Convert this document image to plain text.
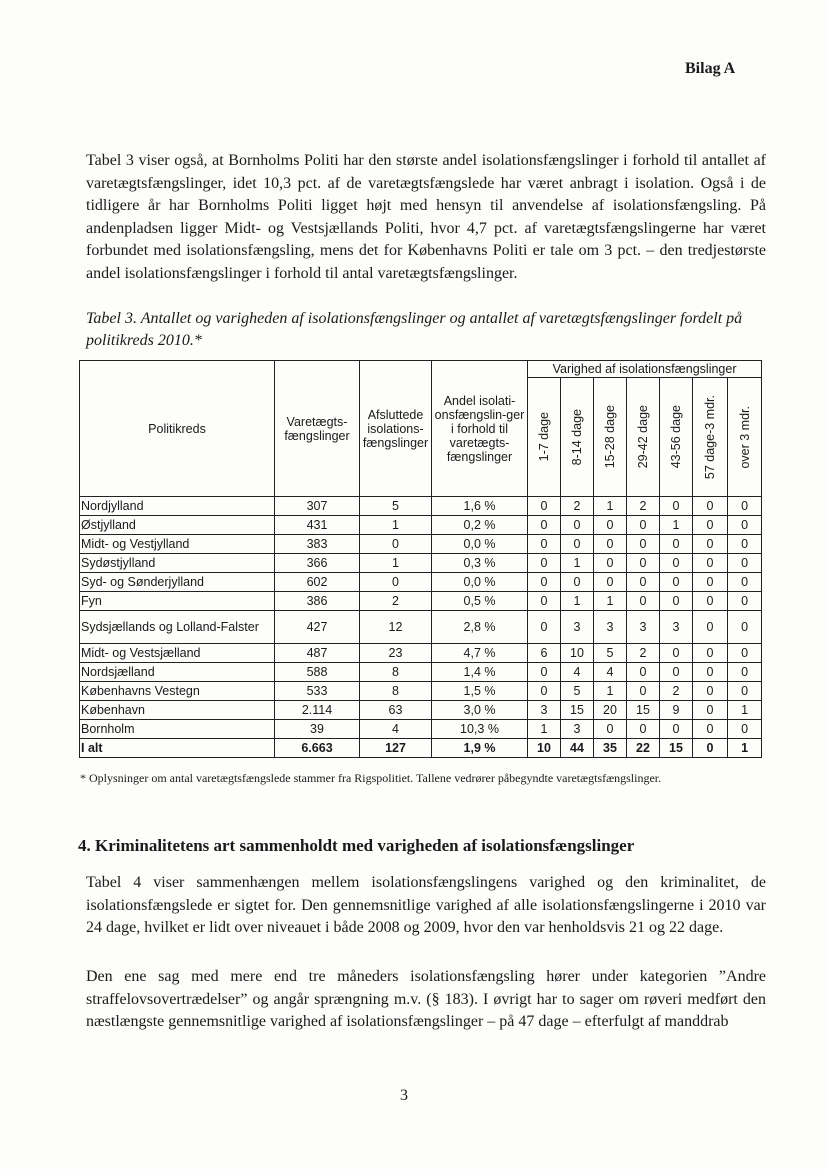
Bilag A

Tabel 3 viser også, at Bornholms Politi har den største andel isolationsfængslinger i forhold til antallet af varetægtsfængslinger, idet 10,3 pct. af de varetægtsfængslede har været anbragt i isolation. Også i de tidligere år har Bornholms Politi ligget højt med hensyn til anvendelse af isolationsfængsling. På andenpladsen ligger Midt- og Vestsjællands Politi, hvor 4,7 pct. af varetægtsfængslingerne har været forbundet med isolationsfængsling, mens det for Københavns Politi er tale om 3 pct. – den tredjestørste andel isolationsfængslinger i forhold til antal varetægtsfængslinger.

Tabel 3. Antallet og varigheden af isolationsfængslinger og antallet af varetægtsfængslinger fordelt på politikreds 2010.*
Politikreds	Varetægts-fængslinger	Afsluttede isolations-fængslinger	Andel isolati-onsfængslin-ger i forhold til varetægts-fængslinger	Varighed af isolationsfængslinger						

				1-7 dage	8-14 dage	15-28 dage	29-42 dage	43-56 dage	57 dage-3 mdr.	over 3 mdr.

Nordjylland	307	5	1,6 %	0	2	1	2	0	0	0
Østjylland	431	1	0,2 %	0	0	0	0	1	0	0
Midt- og Vestjylland	383	0	0,0 %	0	0	0	0	0	0	0
Sydøstjylland	366	1	0,3 %	0	1	0	0	0	0	0
Syd- og Sønderjylland	602	0	0,0 %	0	0	0	0	0	0	0
Fyn	386	2	0,5 %	0	1	1	0	0	0	0
Sydsjællands og Lolland-Falster	427	12	2,8 %	0	3	3	3	3	0	0
Midt- og Vestsjælland	487	23	4,7 %	6	10	5	2	0	0	0
Nordsjælland	588	8	1,4 %	0	4	4	0	0	0	0
Københavns Vestegn	533	8	1,5 %	0	5	1	0	2	0	0
København	2.114	63	3,0 %	3	15	20	15	9	0	1
Bornholm	39	4	10,3 %	1	3	0	0	0	0	0
I alt	6.663	127	1,9 %	10	44	35	22	15	0	1
* Oplysninger om antal varetægtsfængslede stammer fra Rigspolitiet. Tallene vedrører påbegyndte varetægtsfængslinger.
4. Kriminalitetens art sammenholdt med varigheden af isolationsfængslinger

Tabel 4 viser sammenhængen mellem isolationsfængslingens varighed og den kriminalitet, de isolationsfængslede er sigtet for. Den gennemsnitlige varighed af alle isolationsfængslingerne i 2010 var 24 dage, hvilket er lidt over niveauet i både 2008 og 2009, hvor den var henholdsvis 21 og 22 dage.

Den ene sag med mere end tre måneders isolationsfængsling hører under kategorien ”Andre straffelovsovertrædelser” og angår sprængning m.v. (§ 183). I øvrigt har to sager om røveri medført den næstlængste gennemsnitlige varighed af isolationsfængslinger – på 47 dage – efterfulgt af manddrab

3
